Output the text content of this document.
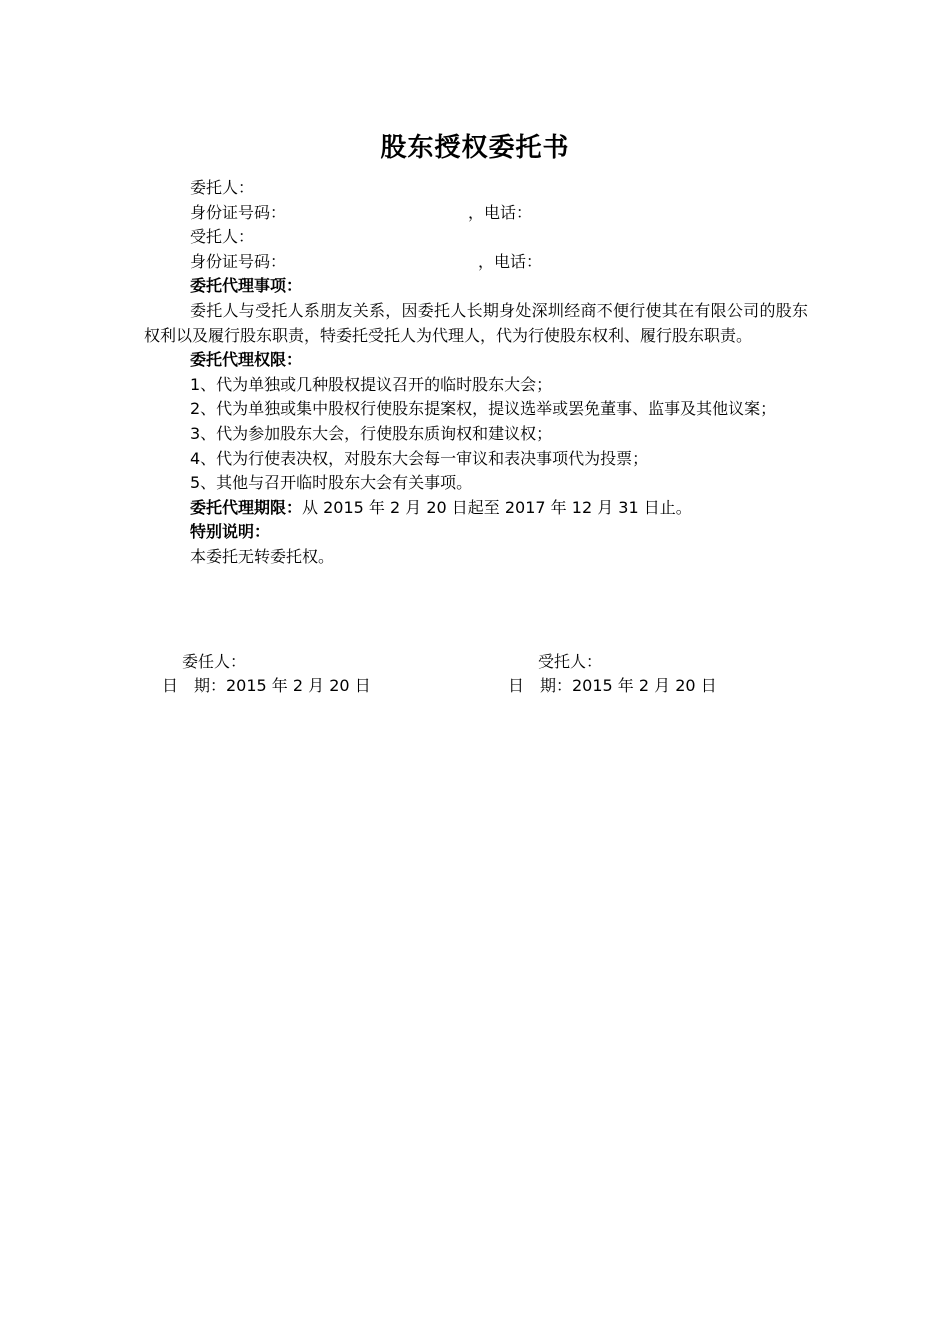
股东授权委托书

委托人：

身份证号码：	，电话：

受托人：

身份证号码：	，电话：

委托代理事项：

委托人与受托人系朋友关系，因委托人长期身处深圳经商不便行使其在有限公司的股东权利以及履行股东职责，特委托受托人为代理人，代为行使股东权利、履行股东职责。

委托代理权限：

1、代为单独或几种股权提议召开的临时股东大会；

2、代为单独或集中股权行使股东提案权，提议选举或罢免董事、监事及其他议案；

3、代为参加股东大会，行使股东质询权和建议权；

4、代为行使表决权，对股东大会每一审议和表决事项代为投票；

5、其他与召开临时股东大会有关事项。

委托代理期限：从 2015 年 2 月 20 日起至 2017 年 12 月 31 日止。

特别说明：

本委托无转委托权。

委任人：
日　期：2015 年 2 月 20 日
受托人：
日　期：2015 年 2 月 20 日
